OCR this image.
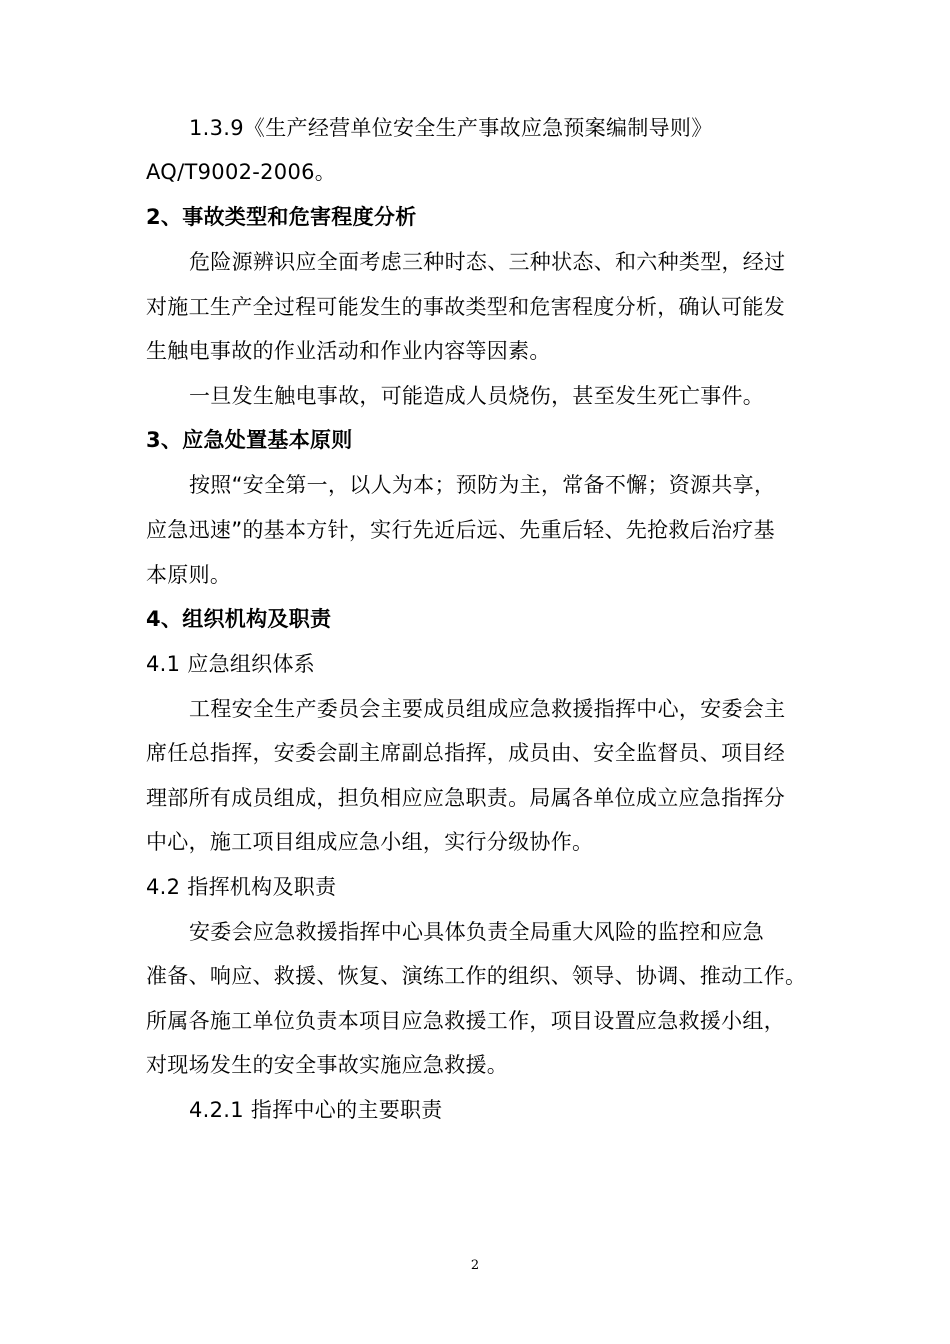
1.3.9《生产经营单位安全生产事故应急预案编制导则》
AQ/T9002-2006。
2、事故类型和危害程度分析
危险源辨识应全面考虑三种时态、三种状态、和六种类型，经过
对施工生产全过程可能发生的事故类型和危害程度分析，确认可能发
生触电事故的作业活动和作业内容等因素。
一旦发生触电事故，可能造成人员烧伤，甚至发生死亡事件。
3、应急处置基本原则
按照“安全第一，以人为本；预防为主，常备不懈；资源共享，
应急迅速”的基本方针，实行先近后远、先重后轻、先抢救后治疗基
本原则。
4、组织机构及职责
4.1 应急组织体系
工程安全生产委员会主要成员组成应急救援指挥中心，安委会主
席任总指挥，安委会副主席副总指挥，成员由、安全监督员、项目经
理部所有成员组成，担负相应应急职责。局属各单位成立应急指挥分
中心，施工项目组成应急小组，实行分级协作。
4.2 指挥机构及职责
安委会应急救援指挥中心具体负责全局重大风险的监控和应急
准备、响应、救援、恢复、演练工作的组织、领导、协调、推动工作。
所属各施工单位负责本项目应急救援工作，项目设置应急救援小组，
对现场发生的安全事故实施应急救援。
4.2.1 指挥中心的主要职责
2
